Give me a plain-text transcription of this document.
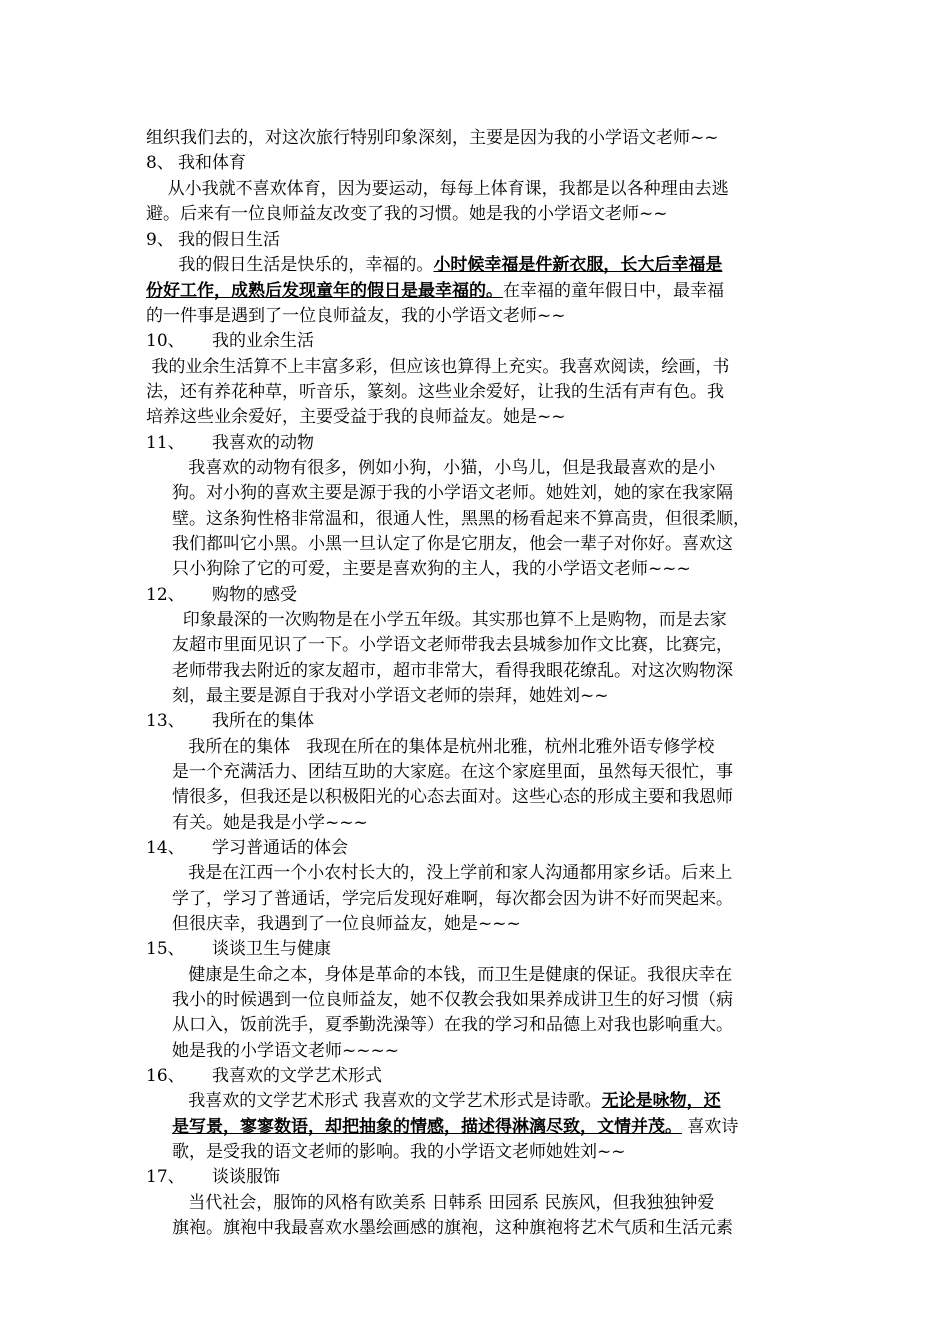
组织我们去的，对这次旅行特别印象深刻，主要是因为我的小学语文老师~~

8、 我和体育

从小我就不喜欢体育，因为要运动，每每上体育课，我都是以各种理由去逃

避。后来有一位良师益友改变了我的习惯。她是我的小学语文老师~~

9、 我的假日生活

我的假日生活是快乐的，幸福的。小时候幸福是件新衣服，长大后幸福是

份好工作，成熟后发现童年的假日是最幸福的。在幸福的童年假日中，最幸福

的一件事是遇到了一位良师益友，我的小学语文老师~~

10、 我的业余生活

我的业余生活算不上丰富多彩，但应该也算得上充实。我喜欢阅读，绘画，书

法，还有养花种草，听音乐，篆刻。这些业余爱好，让我的生活有声有色。我

培养这些业余爱好，主要受益于我的良师益友。她是~~

11、 我喜欢的动物

我喜欢的动物有很多，例如小狗，小猫，小鸟儿，但是我最喜欢的是小

狗。对小狗的喜欢主要是源于我的小学语文老师。她姓刘，她的家在我家隔

壁。这条狗性格非常温和，很通人性，黑黑的杨看起来不算高贵，但很柔顺，

我们都叫它小黑。小黑一旦认定了你是它朋友，他会一辈子对你好。喜欢这

只小狗除了它的可爱，主要是喜欢狗的主人，我的小学语文老师~~~

12、 购物的感受

印象最深的一次购物是在小学五年级。其实那也算不上是购物，而是去家

友超市里面见识了一下。小学语文老师带我去县城参加作文比赛，比赛完，

老师带我去附近的家友超市，超市非常大，看得我眼花缭乱。对这次购物深

刻，最主要是源自于我对小学语文老师的崇拜，她姓刘~~

13、 我所在的集体

我所在的集体   我现在所在的集体是杭州北雅，杭州北雅外语专修学校

是一个充满活力、团结互助的大家庭。在这个家庭里面，虽然每天很忙，事

情很多，但我还是以积极阳光的心态去面对。这些心态的形成主要和我恩师

有关。她是我是小学~~~

14、 学习普通话的体会

我是在江西一个小农村长大的，没上学前和家人沟通都用家乡话。后来上

学了，学习了普通话，学完后发现好难啊，每次都会因为讲不好而哭起来。

但很庆幸，我遇到了一位良师益友，她是~~~

15、 谈谈卫生与健康

健康是生命之本，身体是革命的本钱，而卫生是健康的保证。我很庆幸在

我小的时候遇到一位良师益友，她不仅教会我如果养成讲卫生的好习惯（病

从口入，饭前洗手，夏季勤洗澡等）在我的学习和品德上对我也影响重大。

她是我的小学语文老师~~~~

16、 我喜欢的文学艺术形式

我喜欢的文学艺术形式 我喜欢的文学艺术形式是诗歌。无论是咏物，还

是写景，寥寥数语，却把抽象的情感，描述得淋漓尽致，文情并茂。 喜欢诗

歌，是受我的语文老师的影响。我的小学语文老师她姓刘~~

17、 谈谈服饰

当代社会，服饰的风格有欧美系 日韩系 田园系 民族风，但我独独钟爱

旗袍。旗袍中我最喜欢水墨绘画感的旗袍，这种旗袍将艺术气质和生活元素
